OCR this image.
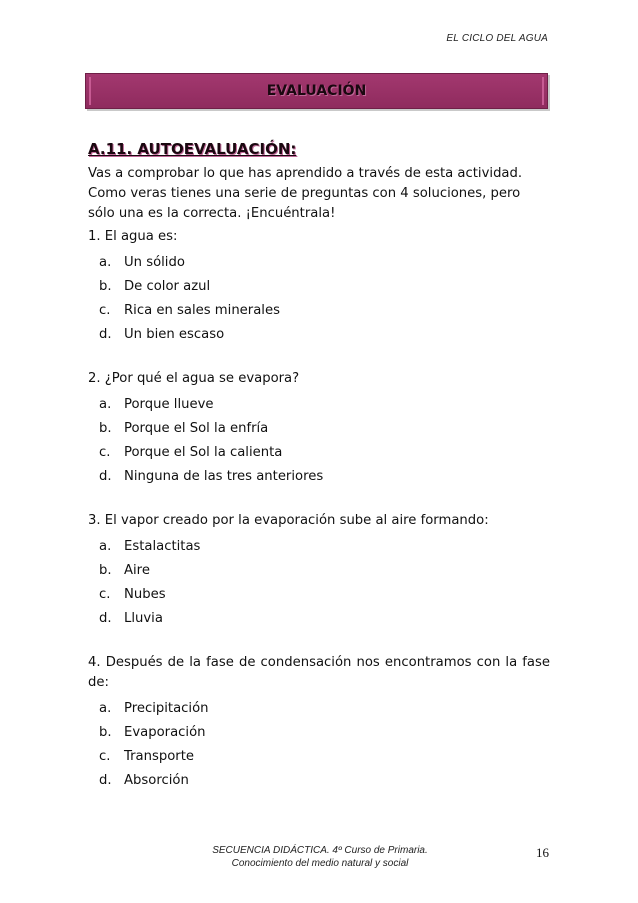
EL CICLO DEL AGUA
EVALUACIÓN
A.11. AUTOEVALUACIÓN:

Vas a comprobar lo que has aprendido a través de esta actividad.
Como veras tienes una serie de preguntas con 4 soluciones, pero
sólo una es la correcta. ¡Encuéntrala!

1. El agua es:

a. Un sólido
b. De color azul
c.	Rica en sales minerales
d. Un bien escaso

2. ¿Por qué el agua se evapora?

a. Porque llueve
b. Porque el Sol la enfría
c.	Porque el Sol la calienta
d. Ninguna de las tres anteriores

3. El vapor creado por la evaporación sube al aire formando:

a. Estalactitas
b. Aire
c.	Nubes
d. Lluvia

4. Después de la fase de condensación nos encontramos con la fase

de:

a. Precipitación
b. Evaporación
c.	Transporte
d. Absorción
SECUENCIA DIDÁCTICA. 4º Curso de Primaria.
Conocimiento del medio natural y social
16
